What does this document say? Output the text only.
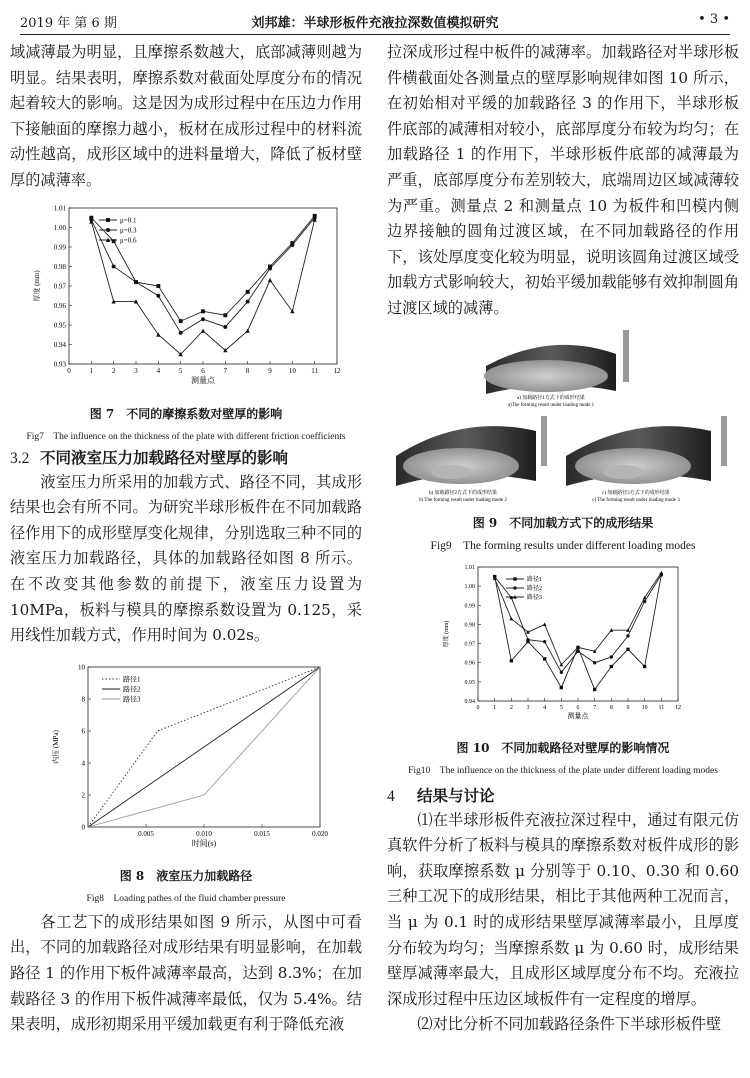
2019 年 第 6 期	刘邦雄：半球形板件充液拉深数值模拟研究	• 3 •

域减薄最为明显，且摩擦系数越大，底部减薄则越为明显。结果表明，摩擦系数对截面处厚度分布的情况起着较大的影响。这是因为成形过程中在压边力作用下接触面的摩擦力越小，板材在成形过程中的材料流动性越高，成形区域中的进料量增大，降低了板材壁厚的减薄率。

0	1	2	3	4	5	6	7	8	9 10 11 12
0.93
0.94
0.95
0.96
0.97
0.98
0.99
1.00
1.01
测量点
厚度 (mm)
μ=0.1
μ=0.3
μ=0.6
图 7　不同的摩擦系数对壁厚的影响
Fig7　The influence on the thickness of the plate with different friction coefficients
3.2 不同液室压力加载路径对壁厚的影响

液室压力所采用的加载方式、路径不同，其成形结果也会有所不同。为研究半球形板件在不同加载路径作用下的成形壁厚变化规律，分别选取三种不同的液室压力加载路径，具体的加载路径如图 8 所示。在不改变其他参数的前提下，液室压力设置为 10MPa，板料与模具的摩擦系数设置为 0.125，采用线性加载方式，作用时间为 0.02s。

0.005	0.010	0.015	0.020
0
2
4
6
8
10
时间(s)
内压 (MPa)
路径1
路径2
路径3
图 8　液室压力加载路径
Fig8　Loading pathes of the fluid chamber pressure

各工艺下的成形结果如图 9 所示，从图中可看出，不同的加载路径对成形结果有明显影响，在加载路径 1 的作用下板件减薄率最高，达到 8.3%；在加载路径 3 的作用下板件减薄率最低，仅为 5.4%。结果表明，成形初期采用平缓加载更有利于降低充液

拉深成形过程中板件的减薄率。加载路径对半球形板件横截面处各测量点的壁厚影响规律如图 10 所示，在初始相对平缓的加载路径 3 的作用下，半球形板件底部的减薄相对较小，底部厚度分布较为均匀；在加载路径 1 的作用下，半球形板件底部的减薄最为严重，底部厚度分布差别较大，底端周边区域减薄较为严重。测量点 2 和测量点 10 为板件和凹模内侧边界接触的圆角过渡区域，在不同加载路径的作用下，该处厚度变化较为明显，说明该圆角过渡区域受加载方式影响较大，初始平缓加载能够有效抑制圆角过渡区域的减薄。

a) 加载路径1方式下的成形结果
a)The forming result under loading mode 1
b) 加载路径2方式下的成形结果
b) The forming result under loading mode 2
c) 加载路径3方式下的成形结果
c) The forming result under loading mode 3
图 9　不同加载方式下的成形结果
Fig9　The forming results under different loading modes
0 1 2 3 4 5 6 7 8 9 10 11 12
0.94
0.95
0.96
0.97
0.98
0.99
1.00
1.01
测量点
厚度 (mm)
路径1
路径2
路径3
图 10　不同加载路径对壁厚的影响情况
Fig10　The influence on the thickness of the plate under different loading modes
4 结果与讨论

⑴在半球形板件充液拉深过程中，通过有限元仿真软件分析了板料与模具的摩擦系数对板件成形的影响，获取摩擦系数 μ 分别等于 0.10、0.30 和 0.60 三种工况下的成形结果，相比于其他两种工况而言，当 μ 为 0.1 时的成形结果壁厚减薄率最小，且厚度分布较为均匀；当摩擦系数 μ 为 0.60 时，成形结果壁厚减薄率最大，且成形区域厚度分布不均。充液拉深成形过程中压边区域板件有一定程度的增厚。

⑵对比分析不同加载路径条件下半球形板件壁
